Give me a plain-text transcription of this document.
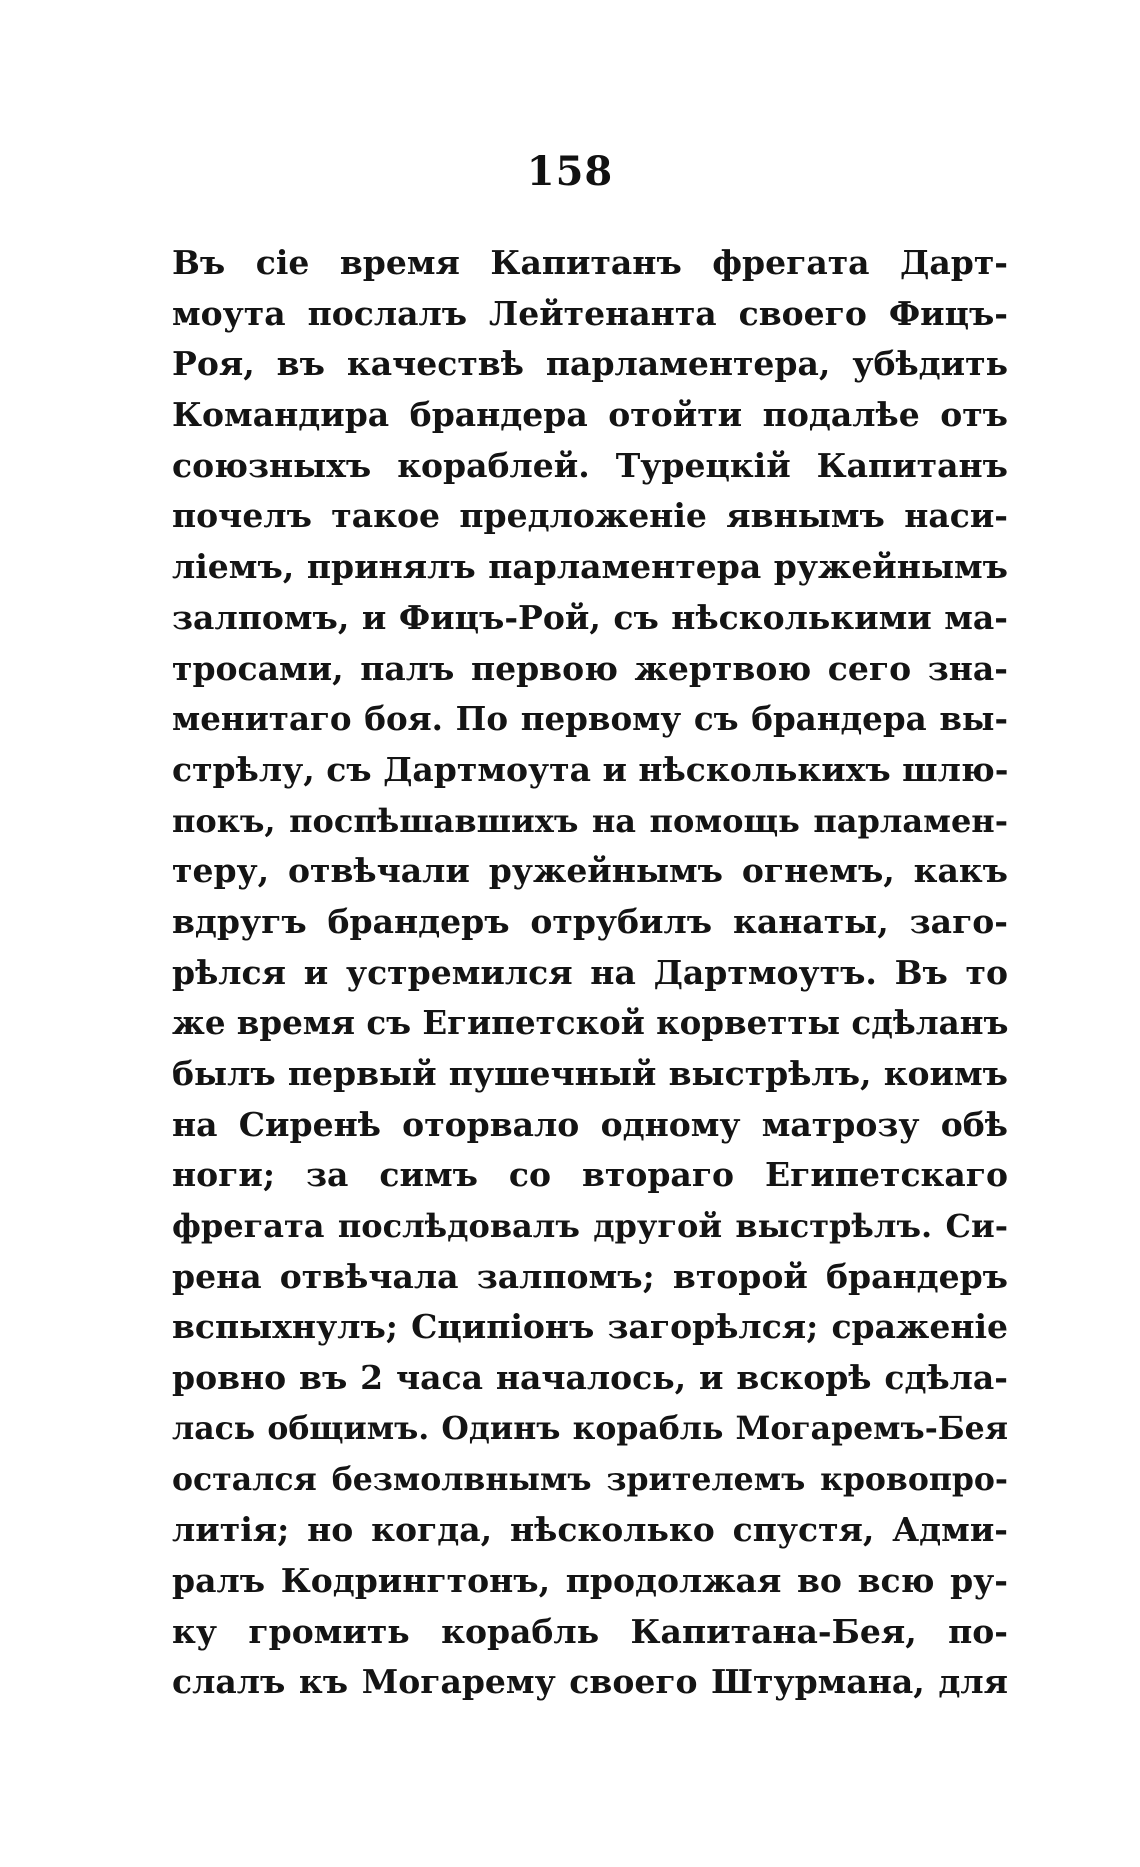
158
Въ сіе время Капитанъ фрегата Дарт-
моута послалъ Лейтенанта своего Фицъ-
Роя, въ качествѣ парламентера, убѣдить
Командира брандера отойти подалѣе отъ
союзныхъ кораблей. Турецкій Капитанъ
почелъ такое предложеніе явнымъ наси-
ліемъ, принялъ парламентера ружейнымъ
залпомъ, и Фицъ-Рой, съ нѣсколькими ма-
тросами, палъ первою жертвою сего зна-
менитаго боя. По первому съ брандера вы-
стрѣлу, съ Дартмоута и нѣсколькихъ шлю-
покъ, поспѣшавшихъ на помощь парламен-
теру, отвѣчали ружейнымъ огнемъ, какъ
вдругъ брандеръ отрубилъ канаты, заго-
рѣлся и устремился на Дартмоутъ. Въ то
же время съ Египетской корветты сдѣланъ
былъ первый пушечный выстрѣлъ, коимъ
на Сиренѣ оторвало одному матрозу обѣ
ноги; за симъ со втораго Египетскаго
фрегата послѣдовалъ другой выстрѣлъ. Си-
рена отвѣчала залпомъ; второй брандеръ
вспыхнулъ; Сципіонъ загорѣлся; сраженіе
ровно въ 2 часа началось, и вскорѣ сдѣла-
лась общимъ. Одинъ корабль Могаремъ-Бея
остался безмолвнымъ зрителемъ кровопро-
литія; но когда, нѣсколько спустя, Адми-
ралъ Кодрингтонъ, продолжая во всю ру-
ку громить корабль Капитана-Бея, по-
слалъ къ Могарему своего Штурмана, для
